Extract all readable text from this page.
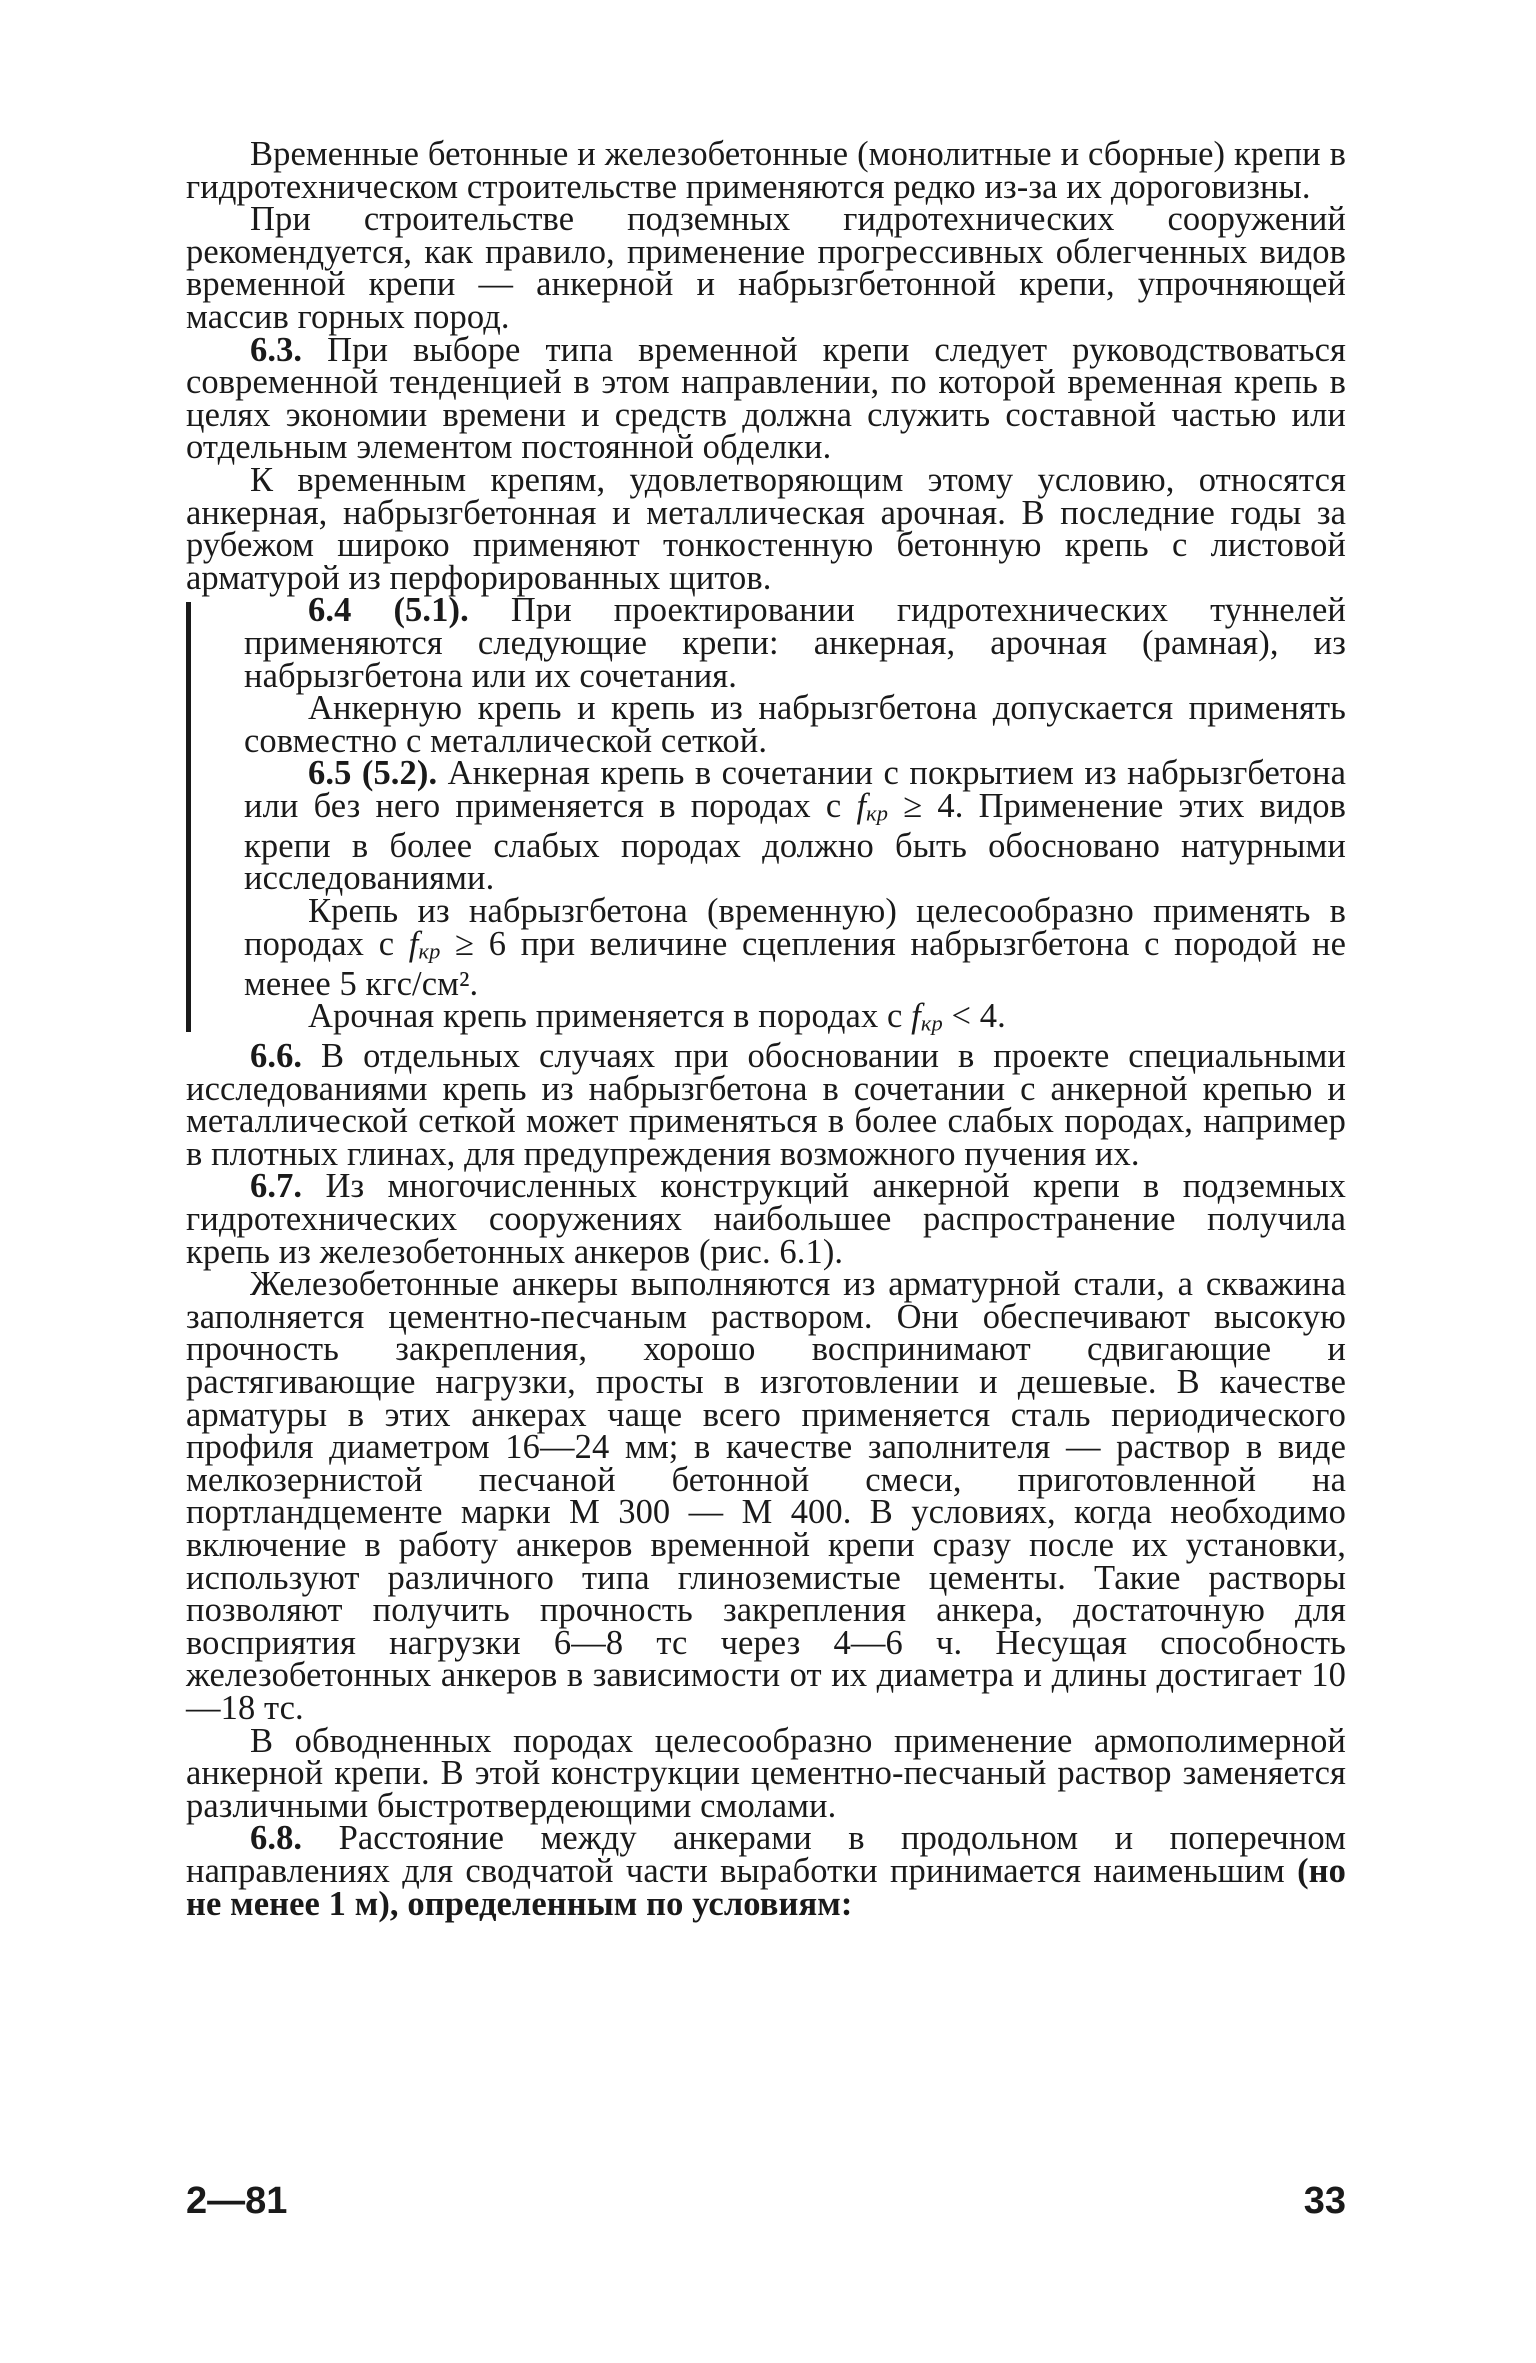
Временные бетонные и железобетонные (монолитные и сборные) крепи в гидротехническом строительстве применяются редко из-за их дороговизны.

При строительстве подземных гидротехнических сооружений рекомендуется, как правило, применение прогрессивных облегченных видов временной крепи — анкерной и набрызгбетонной крепи, упрочняющей массив горных пород.

6.3. При выборе типа временной крепи следует руководствоваться современной тенденцией в этом направлении, по которой временная крепь в целях экономии времени и средств должна служить составной частью или отдельным элементом постоянной обделки.

К временным крепям, удовлетворяющим этому условию, относятся анкерная, набрызгбетонная и металлическая арочная. В последние годы за рубежом широко применяют тонкостенную бетонную крепь с листовой арматурой из перфорированных щитов.

6.4 (5.1). При проектировании гидротехнических туннелей применяются следующие крепи: анкерная, арочная (рамная), из набрызгбетона или их сочетания.

Анкерную крепь и крепь из набрызгбетона допускается применять совместно с металлической сеткой.

6.5 (5.2). Анкерная крепь в сочетании с покрытием из набрызгбетона или без него применяется в породах с fкр ≥ 4. Применение этих видов крепи в более слабых породах должно быть обосновано натурными исследованиями.

Крепь из набрызгбетона (временную) целесообразно применять в породах с fкр ≥ 6 при величине сцепления набрызгбетона с породой не менее 5 кгс/см².

Арочная крепь применяется в породах с fкр < 4.

6.6. В отдельных случаях при обосновании в проекте специальными исследованиями крепь из набрызгбетона в сочетании с анкерной крепью и металлической сеткой может применяться в более слабых породах, например в плотных глинах, для предупреждения возможного пучения их.

6.7. Из многочисленных конструкций анкерной крепи в подземных гидротехнических сооружениях наибольшее распространение получила крепь из железобетонных анкеров (рис. 6.1).

Железобетонные анкеры выполняются из арматурной стали, а скважина заполняется цементно-песчаным раствором. Они обеспечивают высокую прочность закрепления, хорошо воспринимают сдвигающие и растягивающие нагрузки, просты в изготовлении и дешевые. В качестве арматуры в этих анкерах чаще всего применяется сталь периодического профиля диаметром 16—24 мм; в качестве заполнителя — раствор в виде мелкозернистой песчаной бетонной смеси, приготовленной на портландцементе марки М 300 — М 400. В условиях, когда необходимо включение в работу анкеров временной крепи сразу после их установки, используют различного типа глиноземистые цементы. Такие растворы позволяют получить прочность закрепления анкера, достаточную для восприятия нагрузки 6—8 тс через 4—6 ч. Несущая способность железобетонных анкеров в зависимости от их диаметра и длины достигает 10—18 тс.

В обводненных породах целесообразно применение армополимерной анкерной крепи. В этой конструкции цементно-песчаный раствор заменяется различными быстротвердеющими смолами.

6.8. Расстояние между анкерами в продольном и поперечном направлениях для сводчатой части выработки принимается наименьшим (но не менее 1 м), определенным по условиям:

2—81	33
